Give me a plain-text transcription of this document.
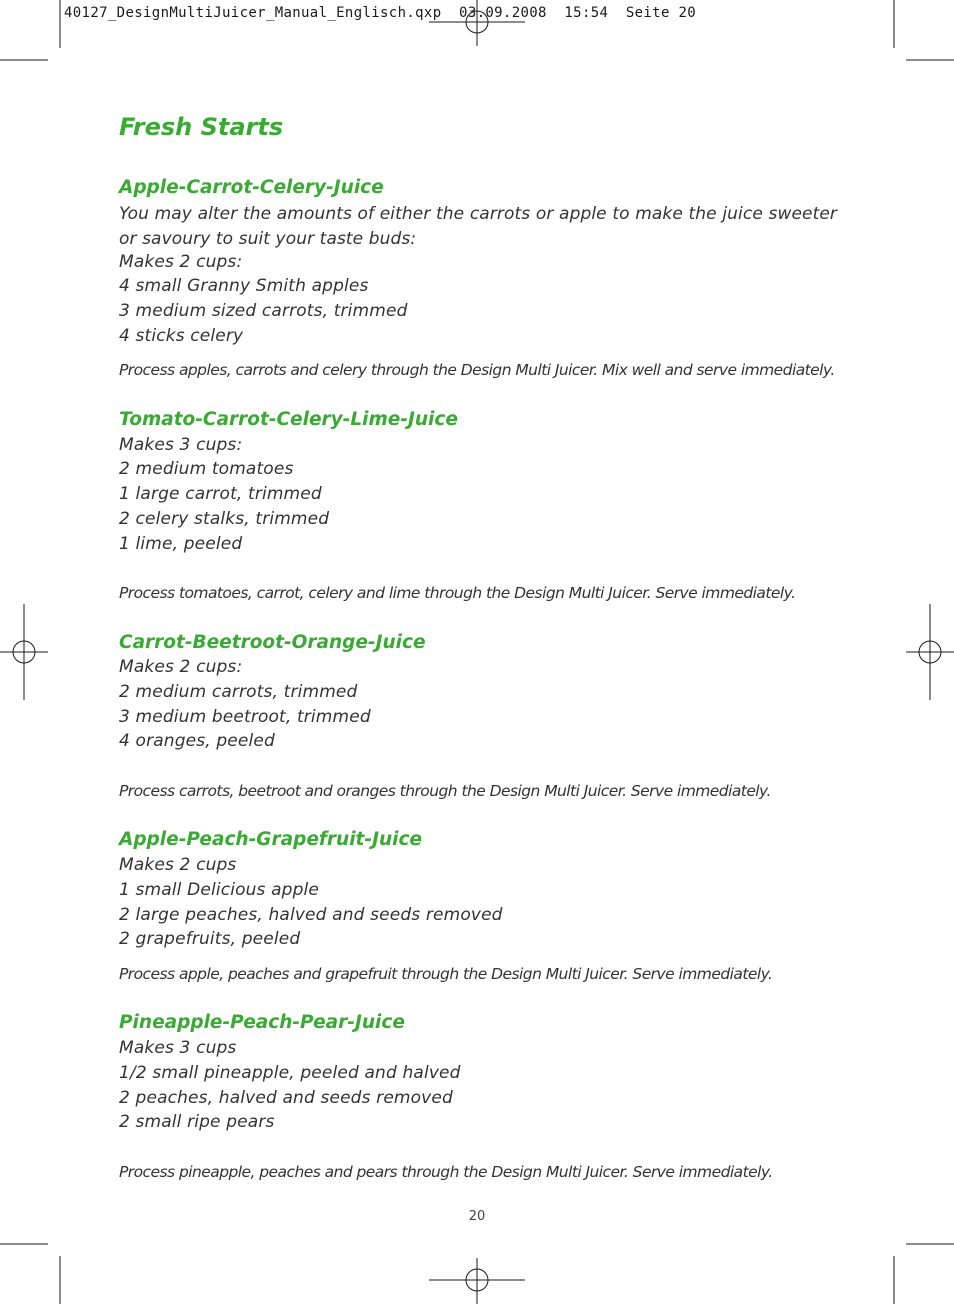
40127_DesignMultiJuicer_Manual_Englisch.qxp  03.09.2008  15:54  Seite 20
Fresh Starts
Apple-Carrot-Celery-Juice
You may alter the amounts of either the carrots or apple to make the juice sweeter or savoury to suit your taste buds:
Makes 2 cups:
4 small Granny Smith apples
3 medium sized carrots, trimmed
4 sticks celery
Process apples, carrots and celery through the Design Multi Juicer. Mix well and serve immediately.
Tomato-Carrot-Celery-Lime-Juice
Makes 3 cups:
2 medium tomatoes
1 large carrot, trimmed
2 celery stalks, trimmed
1 lime, peeled
Process tomatoes, carrot, celery and lime through the Design Multi Juicer. Serve immediately.
Carrot-Beetroot-Orange-Juice
Makes 2 cups:
2 medium carrots, trimmed
3 medium beetroot, trimmed
4 oranges, peeled
Process carrots, beetroot and oranges through the Design Multi Juicer. Serve immediately.
Apple-Peach-Grapefruit-Juice
Makes 2 cups
1 small Delicious apple
2 large peaches, halved and seeds removed
2 grapefruits, peeled
Process apple, peaches and grapefruit through the Design Multi Juicer. Serve immediately.
Pineapple-Peach-Pear-Juice
Makes 3 cups
1/2 small pineapple, peeled and halved
2 peaches, halved and seeds removed
2 small ripe pears
Process pineapple, peaches and pears through the Design Multi Juicer. Serve immediately.
20
